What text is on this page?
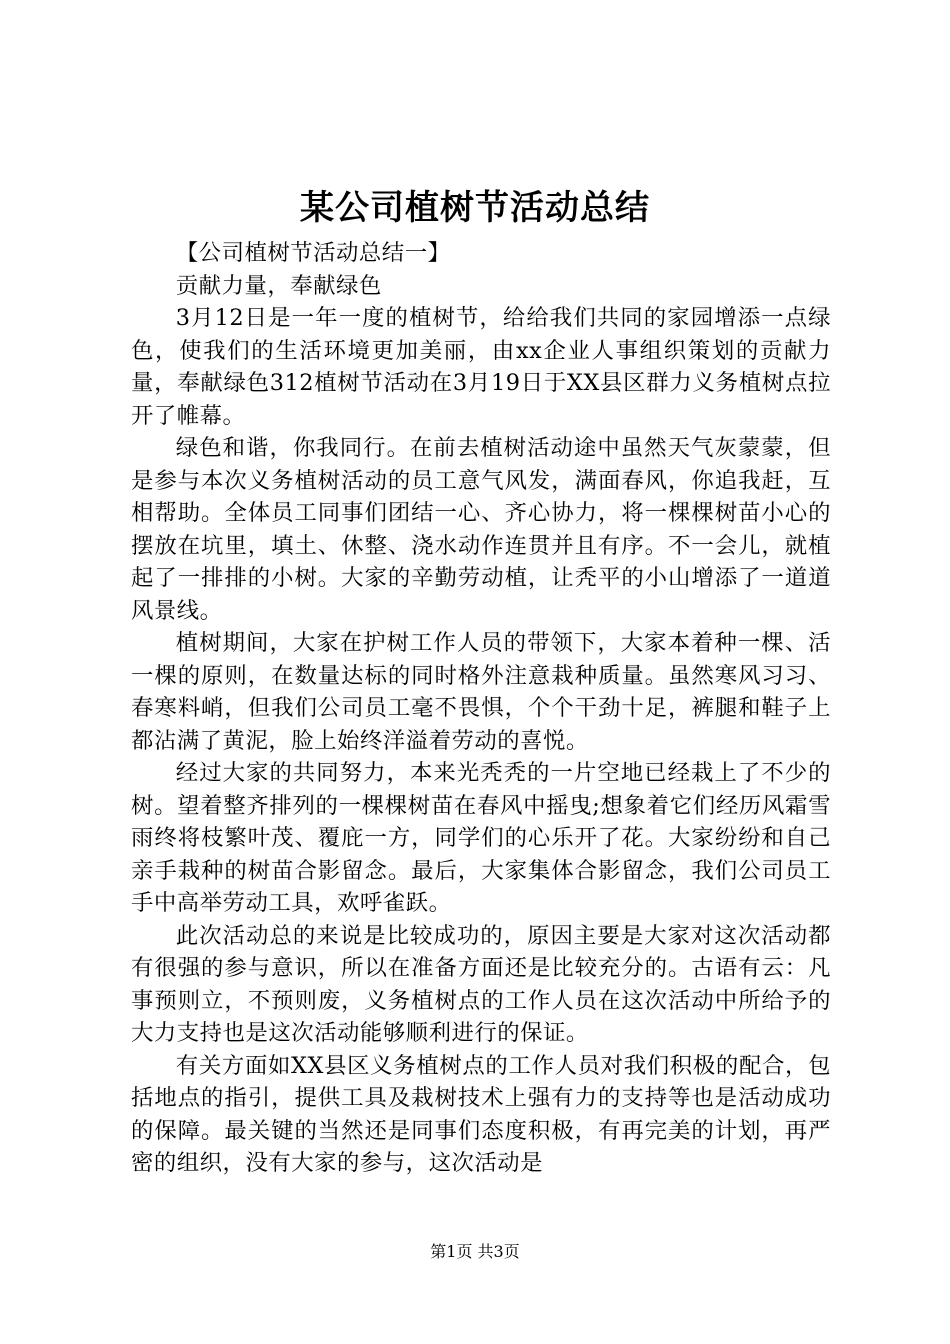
某公司植树节活动总结

【公司植树节活动总结一】

贡献力量，奉献绿色

3月12日是一年一度的植树节，给给我们共同的家园增添一点绿色，使我们的生活环境更加美丽，由xx企业人事组织策划的贡献力量，奉献绿色312植树节活动在3月19日于XX县区群力义务植树点拉开了帷幕。

绿色和谐，你我同行。在前去植树活动途中虽然天气灰蒙蒙，但是参与本次义务植树活动的员工意气风发，满面春风，你追我赶，互相帮助。全体员工同事们团结一心、齐心协力，将一棵棵树苗小心的摆放在坑里，填土、休整、浇水动作连贯并且有序。不一会儿，就植起了一排排的小树。大家的辛勤劳动植，让秃平的小山增添了一道道风景线。

植树期间，大家在护树工作人员的带领下，大家本着种一棵、活一棵的原则，在数量达标的同时格外注意栽种质量。虽然寒风习习、春寒料峭，但我们公司员工毫不畏惧，个个干劲十足，裤腿和鞋子上都沾满了黄泥，脸上始终洋溢着劳动的喜悦。

经过大家的共同努力，本来光秃秃的一片空地已经栽上了不少的树。望着整齐排列的一棵棵树苗在春风中摇曳;想象着它们经历风霜雪雨终将枝繁叶茂、覆庇一方，同学们的心乐开了花。大家纷纷和自己亲手栽种的树苗合影留念。最后，大家集体合影留念，我们公司员工手中高举劳动工具，欢呼雀跃。

此次活动总的来说是比较成功的，原因主要是大家对这次活动都有很强的参与意识，所以在准备方面还是比较充分的。古语有云：凡事预则立，不预则废，义务植树点的工作人员在这次活动中所给予的大力支持也是这次活动能够顺利进行的保证。

有关方面如XX县区义务植树点的工作人员对我们积极的配合，包括地点的指引，提供工具及栽树技术上强有力的支持等也是活动成功的保障。最关键的当然还是同事们态度积极，有再完美的计划，再严密的组织，没有大家的参与，这次活动是

第1页 共3页
